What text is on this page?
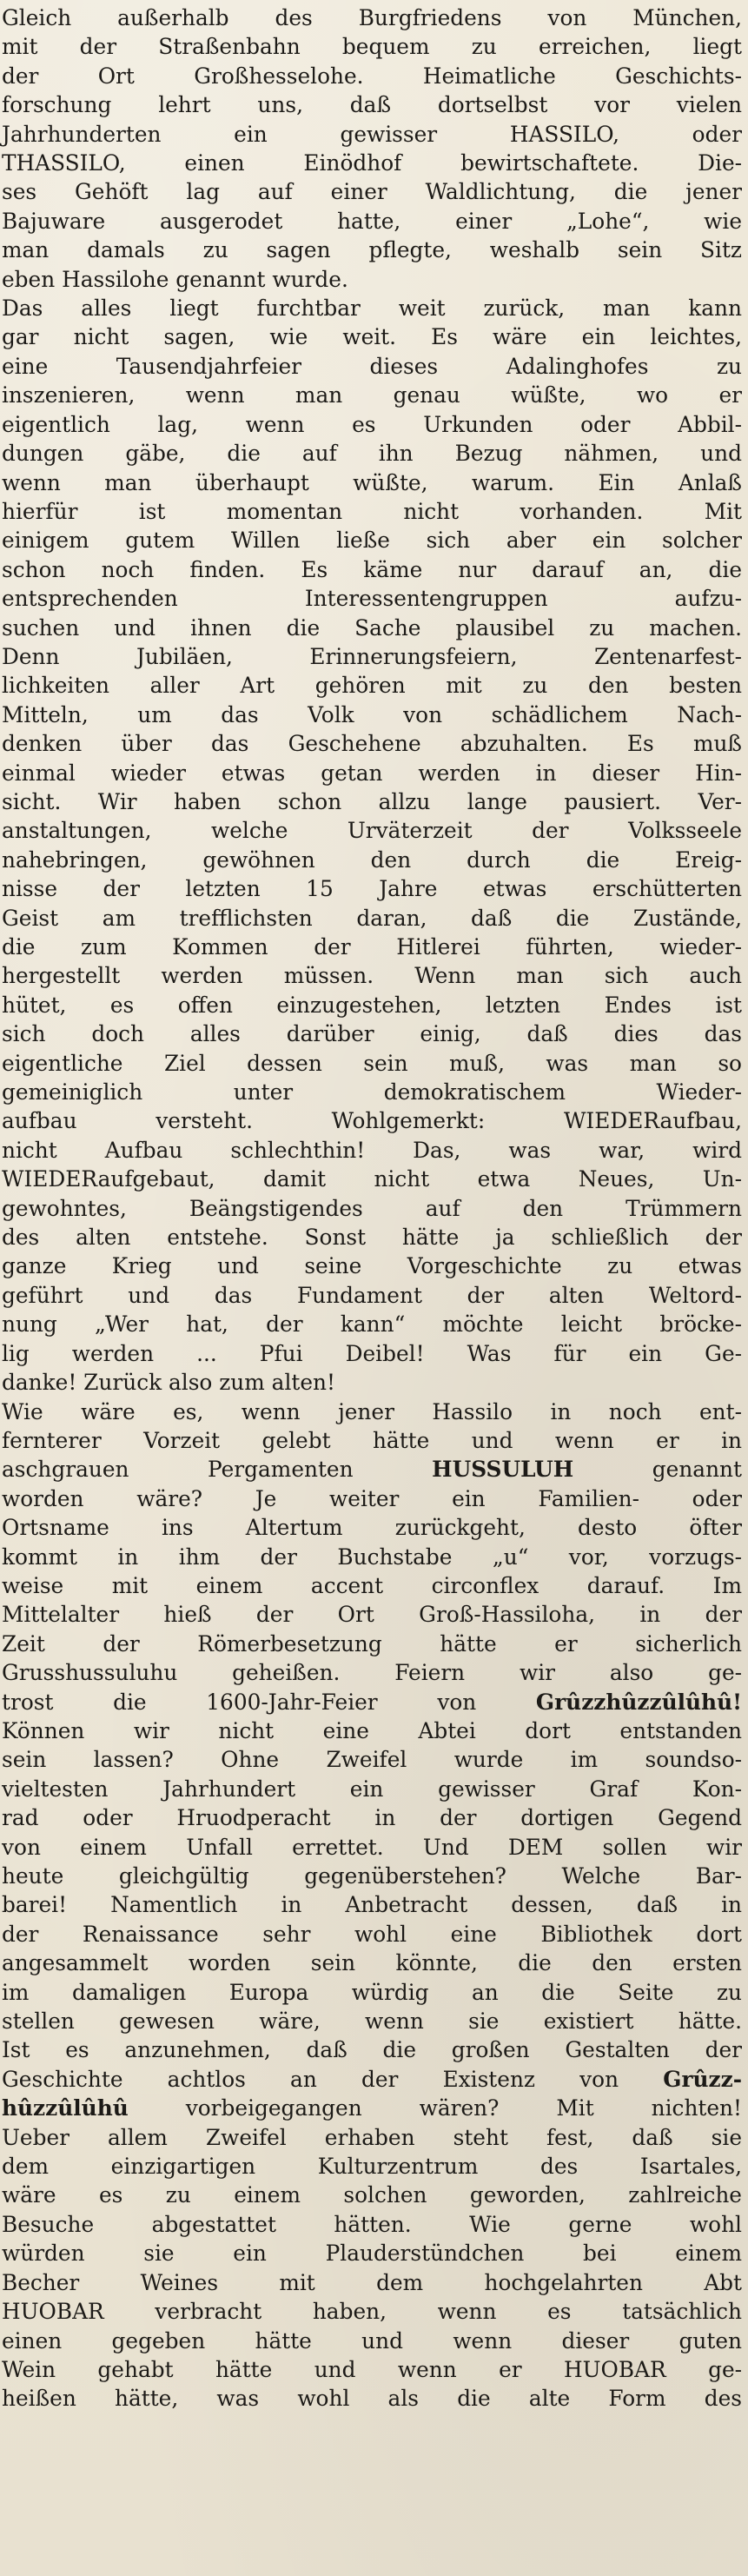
Gleich außerhalb des Burgfriedens von München,
mit der Straßenbahn bequem zu erreichen, liegt
der Ort Großhesselohe. Heimatliche Geschichts-
forschung lehrt uns, daß dortselbst vor vielen
Jahrhunderten ein gewisser HASSILO, oder
THASSILO, einen Einödhof bewirtschaftete. Die-
ses Gehöft lag auf einer Waldlichtung, die jener
Bajuware ausgerodet hatte, einer „Lohe“, wie
man damals zu sagen pflegte, weshalb sein Sitz
eben Hassilohe genannt wurde.
Das alles liegt furchtbar weit zurück, man kann
gar nicht sagen, wie weit. Es wäre ein leichtes,
eine Tausendjahrfeier dieses Adalinghofes zu
inszenieren, wenn man genau wüßte, wo er
eigentlich lag, wenn es Urkunden oder Abbil-
dungen gäbe, die auf ihn Bezug nähmen, und
wenn man überhaupt wüßte, warum. Ein Anlaß
hierfür ist momentan nicht vorhanden. Mit
einigem gutem Willen ließe sich aber ein solcher
schon noch finden. Es käme nur darauf an, die
entsprechenden Interessentengruppen aufzu-
suchen und ihnen die Sache plausibel zu machen.
Denn Jubiläen, Erinnerungsfeiern, Zentenarfest-
lichkeiten aller Art gehören mit zu den besten
Mitteln, um das Volk von schädlichem Nach-
denken über das Geschehene abzuhalten. Es muß
einmal wieder etwas getan werden in dieser Hin-
sicht. Wir haben schon allzu lange pausiert. Ver-
anstaltungen, welche Urväterzeit der Volksseele
nahebringen, gewöhnen den durch die Ereig-
nisse der letzten 15 Jahre etwas erschütterten
Geist am trefflichsten daran, daß die Zustände,
die zum Kommen der Hitlerei führten, wieder-
hergestellt werden müssen. Wenn man sich auch
hütet, es offen einzugestehen, letzten Endes ist
sich doch alles darüber einig, daß dies das
eigentliche Ziel dessen sein muß, was man so
gemeiniglich unter demokratischem Wieder-
aufbau versteht. Wohlgemerkt: WIEDERaufbau,
nicht Aufbau schlechthin! Das, was war, wird
WIEDERaufgebaut, damit nicht etwa Neues, Un-
gewohntes, Beängstigendes auf den Trümmern
des alten entstehe. Sonst hätte ja schließlich der
ganze Krieg und seine Vorgeschichte zu etwas
geführt und das Fundament der alten Weltord-
nung „Wer hat, der kann“ möchte leicht bröcke-
lig werden ... Pfui Deibel! Was für ein Ge-
danke! Zurück also zum alten!
Wie wäre es, wenn jener Hassilo in noch ent-
fernterer Vorzeit gelebt hätte und wenn er in
aschgrauen Pergamenten HUSSULUH genannt
worden wäre? Je weiter ein Familien- oder
Ortsname ins Altertum zurückgeht, desto öfter
kommt in ihm der Buchstabe „u“ vor, vorzugs-
weise mit einem accent circonflex darauf. Im
Mittelalter hieß der Ort Groß-Hassiloha, in der
Zeit der Römerbesetzung hätte er sicherlich
Grusshussuluhu geheißen. Feiern wir also ge-
trost die 1600-Jahr-Feier von Grûzzhûzzûlûhû!
Können wir nicht eine Abtei dort entstanden
sein lassen? Ohne Zweifel wurde im soundso-
vieltesten Jahrhundert ein gewisser Graf Kon-
rad oder Hruodperacht in der dortigen Gegend
von einem Unfall errettet. Und DEM sollen wir
heute gleichgültig gegenüberstehen? Welche Bar-
barei! Namentlich in Anbetracht dessen, daß in
der Renaissance sehr wohl eine Bibliothek dort
angesammelt worden sein könnte, die den ersten
im damaligen Europa würdig an die Seite zu
stellen gewesen wäre, wenn sie existiert hätte.
Ist es anzunehmen, daß die großen Gestalten der
Geschichte achtlos an der Existenz von Grûzz-
hûzzûlûhû vorbeigegangen wären? Mit nichten!
Ueber allem Zweifel erhaben steht fest, daß sie
dem einzigartigen Kulturzentrum des Isartales,
wäre es zu einem solchen geworden, zahlreiche
Besuche abgestattet hätten. Wie gerne wohl
würden sie ein Plauderstündchen bei einem
Becher Weines mit dem hochgelahrten Abt
HUOBAR verbracht haben, wenn es tatsächlich
einen gegeben hätte und wenn dieser guten
Wein gehabt hätte und wenn er HUOBAR ge-
heißen hätte, was wohl als die alte Form des
